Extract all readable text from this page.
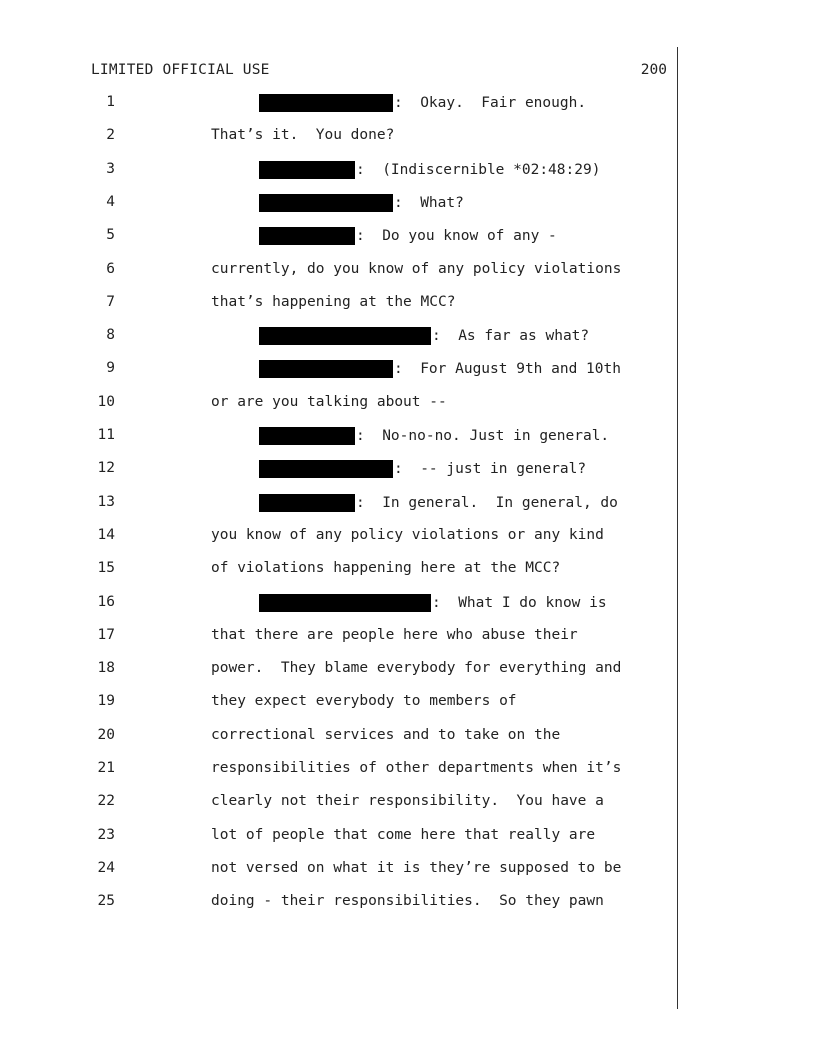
LIMITED OFFICIAL USE	200
1	:  Okay.  Fair enough.
2	That’s it.  You done?
3	:  (Indiscernible *02:48:29)
4	:  What?
5	:  Do you know of any -
6	currently, do you know of any policy violations
7	that’s happening at the MCC?
8	:  As far as what?
9	:  For August 9th and 10th
10	or are you talking about --
11	:  No-no-no. Just in general.
12	:  -- just in general?
13	:  In general.  In general, do
14	you know of any policy violations or any kind
15	of violations happening here at the MCC?
16	:  What I do know is
17	that there are people here who abuse their
18	power.  They blame everybody for everything and
19	they expect everybody to members of
20	correctional services and to take on the
21	responsibilities of other departments when it’s
22	clearly not their responsibility.  You have a
23	lot of people that come here that really are
24	not versed on what it is they’re supposed to be
25	doing - their responsibilities.  So they pawn
